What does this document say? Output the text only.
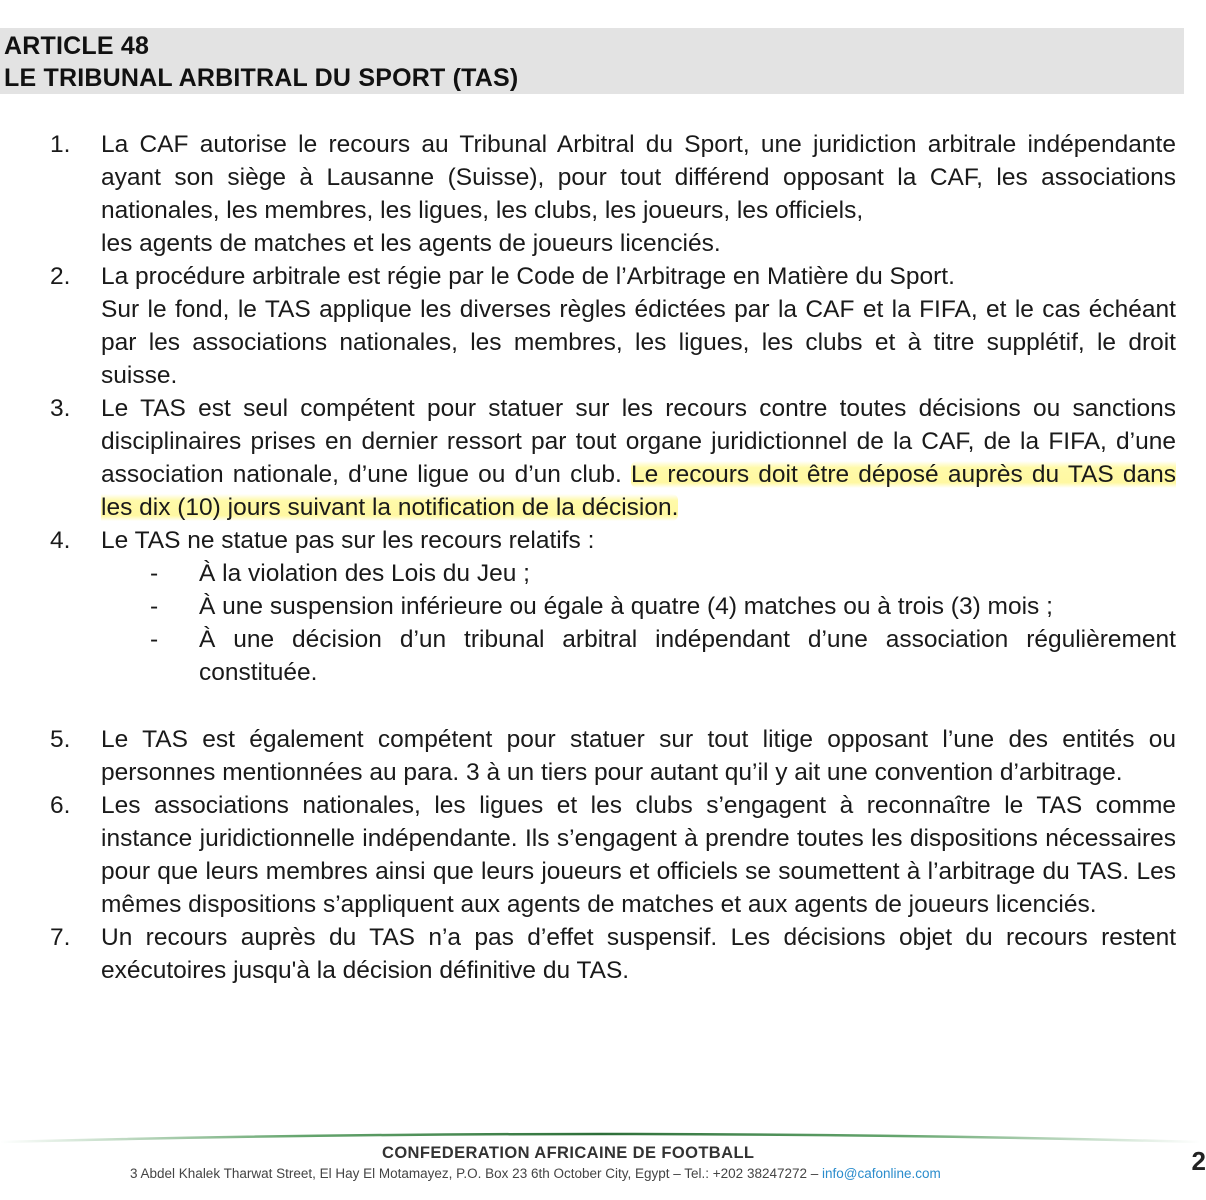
ARTICLE 48
LE TRIBUNAL ARBITRAL DU SPORT (TAS)
1. La CAF autorise le recours au Tribunal Arbitral du Sport, une juridiction arbitrale indépendante ayant son siège à Lausanne (Suisse), pour tout différend opposant la CAF, les associations nationales, les membres, les ligues, les clubs, les joueurs, les officiels,

les agents de matches et les agents de joueurs licenciés.

2. La procédure arbitrale est régie par le Code de l’Arbitrage en Matière du Sport.

Sur le fond, le TAS applique les diverses règles édictées par la CAF et la FIFA, et le cas échéant par les associations nationales, les membres, les ligues, les clubs et à titre supplétif, le droit suisse.

3. Le TAS est seul compétent pour statuer sur les recours contre toutes décisions ou sanctions disciplinaires prises en dernier ressort par tout organe juridictionnel de la CAF, de la FIFA, d’une association nationale, d’une ligue ou d’un club. Le recours doit être déposé auprès du TAS dans les dix (10) jours suivant la notification de la décision.

4. Le TAS ne statue pas sur les recours relatifs :

- À la violation des Lois du Jeu ;

- À une suspension inférieure ou égale à quatre (4) matches ou à trois (3) mois ;

- À une décision d’un tribunal arbitral indépendant d’une association régulièrement constituée.

5. Le TAS est également compétent pour statuer sur tout litige opposant l’une des entités ou personnes mentionnées au para. 3 à un tiers pour autant qu’il y ait une convention d’arbitrage.

6. Les associations nationales, les ligues et les clubs s’engagent à reconnaître le TAS comme instance juridictionnelle indépendante. Ils s’engagent à prendre toutes les dispositions nécessaires pour que leurs membres ainsi que leurs joueurs et officiels se soumettent à l’arbitrage du TAS. Les mêmes dispositions s’appliquent aux agents de matches et aux agents de joueurs licenciés.

7. Un recours auprès du TAS n’a pas d’effet suspensif. Les décisions objet du recours restent exécutoires jusqu'à la décision définitive du TAS.

CONFEDERATION AFRICAINE DE FOOTBALL
3 Abdel Khalek Tharwat Street, El Hay El Motamayez, P.O. Box 23 6th October City, Egypt – Tel.: +202 38247272 – info@cafonline.com	2
